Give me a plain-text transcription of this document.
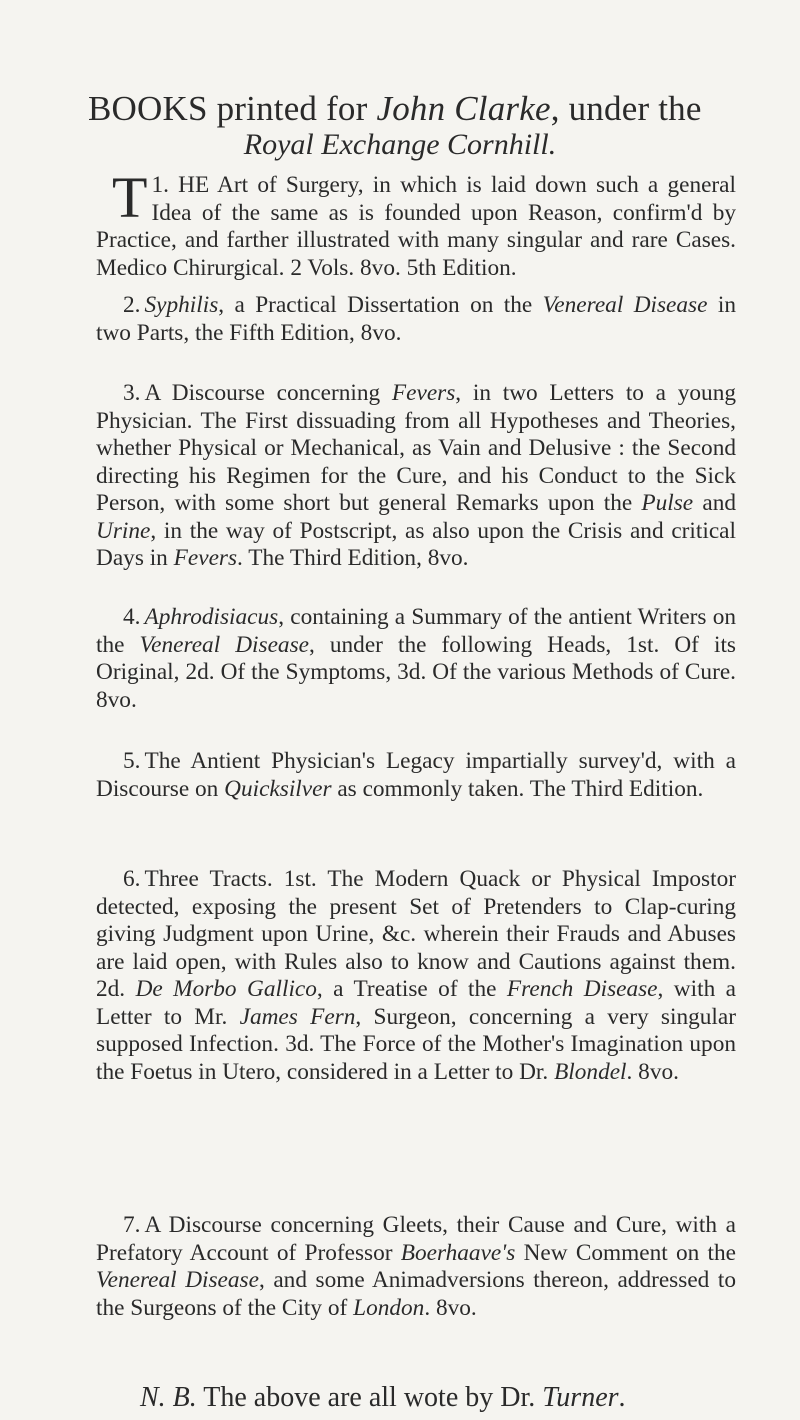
BOOKS printed for John Clarke, under the
Royal Exchange Cornhill.

1.
T HE Art of Surgery, in which is laid down such a general Idea of the same as is founded upon Reason, confirm'd by Practice, and farther illustrated with many singular and rare Cases. Medico Chirurgical. 2 Vols. 8vo. 5th Edition.

2. Syphilis, a Practical Dissertation on the Venereal Disease in two Parts, the Fifth Edition, 8vo.

3. A Discourse concerning Fevers, in two Letters to a young Physician. The First dissuading from all Hypotheses and Theories, whether Physical or Mechanical, as Vain and Delusive : the Second directing his Regimen for the Cure, and his Conduct to the Sick Person, with some short but general Remarks upon the Pulse and Urine, in the way of Postscript, as also upon the Crisis and critical Days in Fevers. The Third Edition, 8vo.

4. Aphrodisiacus, containing a Summary of the antient Writers on the Venereal Disease, under the following Heads, 1st. Of its Original, 2d. Of the Symptoms, 3d. Of the various Methods of Cure. 8vo.

5. The Antient Physician's Legacy impartially survey'd, with a Discourse on Quicksilver as commonly taken. The Third Edition.

6. Three Tracts. 1st. The Modern Quack or Physical Impostor detected, exposing the present Set of Pretenders to Clap-curing giving Judgment upon Urine, &c. wherein their Frauds and Abuses are laid open, with Rules also to know and Cautions against them. 2d. De Morbo Gallico, a Treatise of the French Disease, with a Letter to Mr. James Fern, Surgeon, concerning a very singular supposed Infection. 3d. The Force of the Mother's Imagination upon the Foetus in Utero, considered in a Letter to Dr. Blondel. 8vo.

7. A Discourse concerning Gleets, their Cause and Cure, with a Prefatory Account of Professor Boerhaave's New Comment on the Venereal Disease, and some Animadversions thereon, addressed to the Surgeons of the City of London. 8vo.

N. B. The above are all wote by Dr. Turner.
